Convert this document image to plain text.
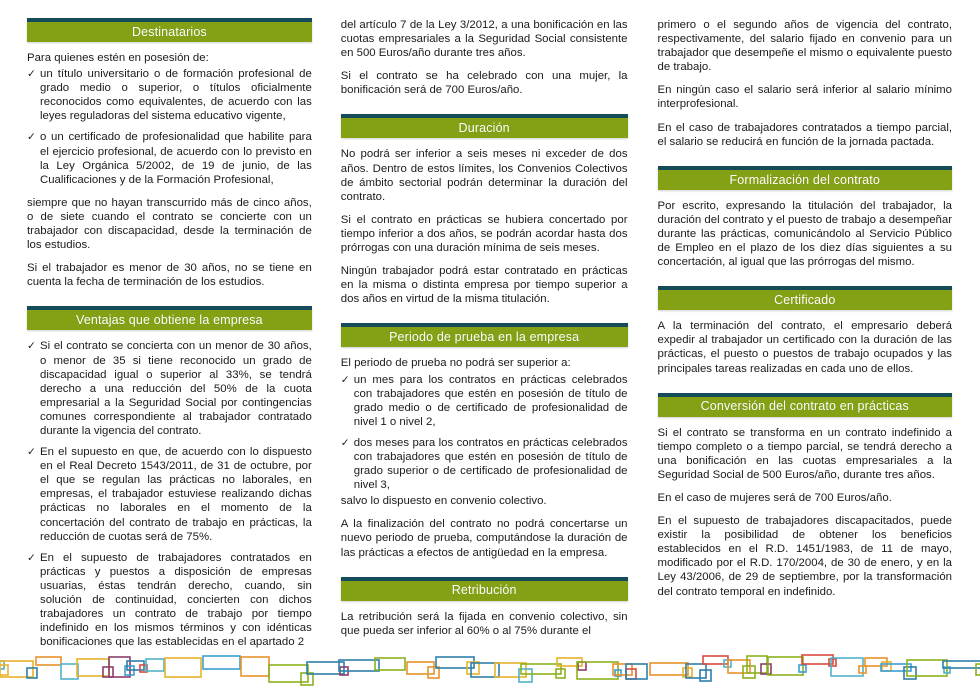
Destinatarios

Para quienes estén en posesión de:

✓ un título universitario o de formación profesional de grado medio o superior, o títulos oficialmente reconocidos como equivalentes, de acuerdo con las leyes reguladoras del sistema educativo vigente,
✓ o un certificado de profesionalidad que habilite para el ejercicio profesional, de acuerdo con lo previsto en la Ley Orgánica 5/2002, de 19 de junio, de las Cualificaciones y de la Formación Profesional,

siempre que no hayan transcurrido más de cinco años, o de siete cuando el contrato se concierte con un trabajador con discapacidad, desde la terminación de los estudios.

Si el trabajador es menor de 30 años, no se tiene en cuenta la fecha de terminación de los estudios.

Ventajas que obtiene la empresa
✓ Si el contrato se concierta con un menor de 30 años, o menor de 35 si tiene reconocido un grado de discapacidad igual o superior al 33%, se tendrá derecho a una reducción del 50% de la cuota empresarial a la Seguridad Social por contingencias comunes correspondiente al trabajador contratado durante la vigencia del contrato.
✓ En el supuesto en que, de acuerdo con lo dispuesto en el Real Decreto 1543/2011, de 31 de octubre, por el que se regulan las prácticas no laborales, en empresas, el trabajador estuviese realizando dichas prácticas no laborales en el momento de la concertación del contrato de trabajo en prácticas, la reducción de cuotas será de 75%.
✓ En el supuesto de trabajadores contratados en prácticas y puestos a disposición de empresas usuarias, éstas tendrán derecho, cuando, sin solución de continuidad, concierten con dichos trabajadores un contrato de trabajo por tiempo indefinido en los mismos términos y con idénticas bonificaciones que las establecidas en el apartado 2

del artículo 7 de la Ley 3/2012, a una bonificación en las cuotas empresariales a la Seguridad Social consistente en 500 Euros/año durante tres años.

Si el contrato se ha celebrado con una mujer, la bonificación será de 700 Euros/año.

Duración

No podrá ser inferior a seis meses ni exceder de dos años. Dentro de estos límites, los Convenios Colectivos de ámbito sectorial podrán determinar la duración del contrato.

Si el contrato en prácticas se hubiera concertado por tiempo inferior a dos años, se podrán acordar hasta dos prórrogas con una duración mínima de seis meses.

Ningún trabajador podrá estar contratado en prácticas en la misma o distinta empresa por tiempo superior a dos años en virtud de la misma titulación.

Periodo de prueba en la empresa

El periodo de prueba no podrá ser superior a:

✓ un mes para los contratos en prácticas celebrados con trabajadores que estén en posesión de título de grado medio o de certificado de profesionalidad de nivel 1 o nivel 2,
✓ dos meses para los contratos en prácticas celebrados con trabajadores que estén en posesión de título de grado superior o de certificado de profesionalidad de nivel 3,

salvo lo dispuesto en convenio colectivo.

A la finalización del contrato no podrá concertarse un nuevo periodo de prueba, computándose la duración de las prácticas a efectos de antigüedad en la empresa.

Retribución

La retribución será la fijada en convenio colectivo, sin que pueda ser inferior al 60% o al 75% durante el

primero o el segundo años de vigencia del contrato, respectivamente, del salario fijado en convenio para un trabajador que desempeñe el mismo o equivalente puesto de trabajo.

En ningún caso el salario será inferior al salario mínimo interprofesional.

En el caso de trabajadores contratados a tiempo parcial, el salario se reducirá en función de la jornada pactada.

Formalización del contrato

Por escrito, expresando la titulación del trabajador, la duración del contrato y el puesto de trabajo a desempeñar durante las prácticas, comunicándolo al Servicio Público de Empleo en el plazo de los diez días siguientes a su concertación, al igual que las prórrogas del mismo.

Certificado

A la terminación del contrato, el empresario deberá expedir al trabajador un certificado con la duración de las prácticas, el puesto o puestos de trabajo ocupados y las principales tareas realizadas en cada uno de ellos.

Conversión del contrato en prácticas

Si el contrato se transforma en un contrato indefinido a tiempo completo o a tiempo parcial, se tendrá derecho a una bonificación en las cuotas empresariales a la Seguridad Social de 500 Euros/año, durante tres años.

En el caso de mujeres será de 700 Euros/año.

En el supuesto de trabajadores discapacitados, puede existir la posibilidad de obtener los beneficios establecidos en el R.D. 1451/1983, de 11 de mayo, modificado por el R.D. 170/2004, de 30 de enero, y en la Ley 43/2006, de 29 de septiembre, por la transformación del contrato temporal en indefinido.
